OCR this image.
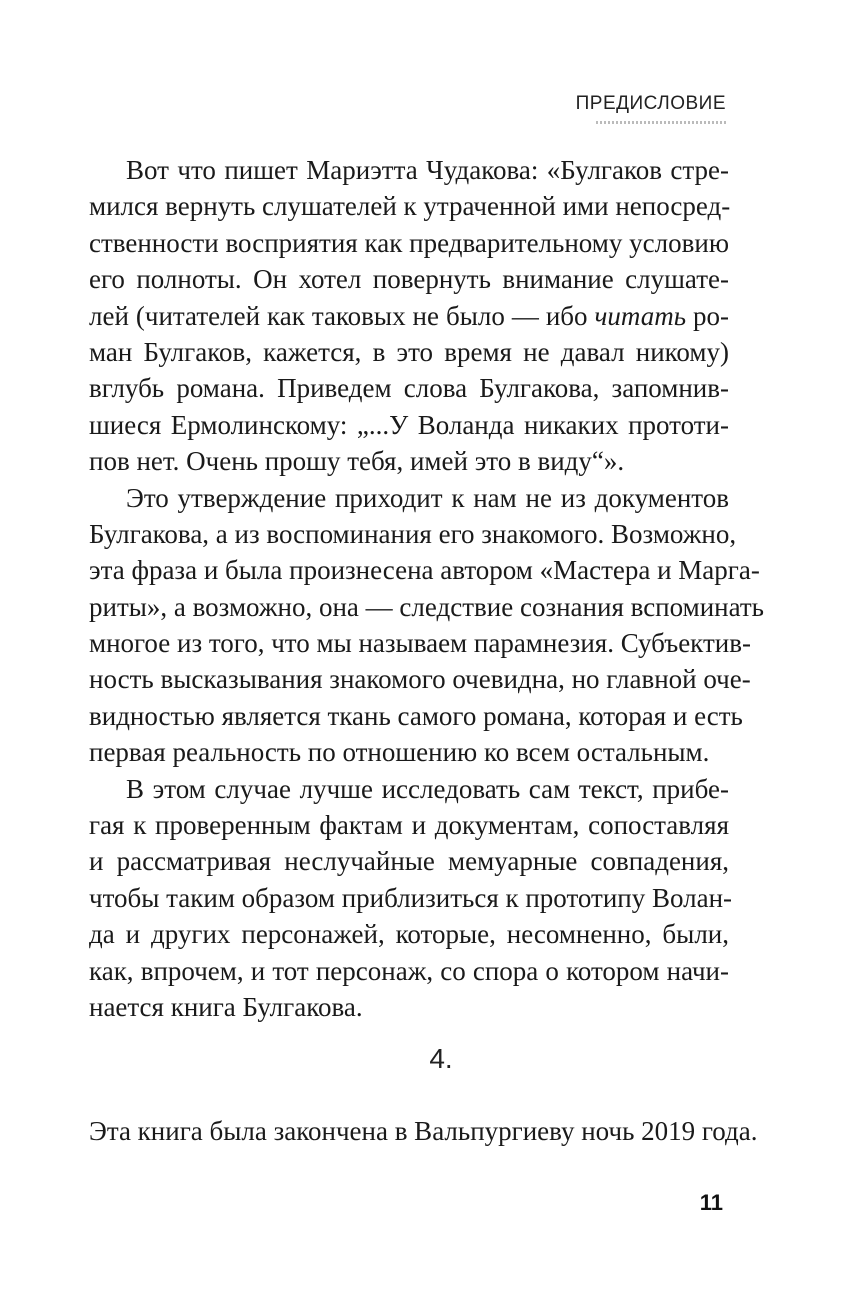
ПРЕДИСЛОВИЕ
Вот что пишет Мариэтта Чудакова: «Булгаков стре-
мился вернуть слушателей к утраченной ими непосред-
ственности восприятия как предварительному условию
его полноты. Он хотел повернуть внимание слушате-
лей (читателей как таковых не было — ибо читать ро-
ман Булгаков, кажется, в это время не давал никому)
вглубь романа. Приведем слова Булгакова, запомнив-
шиеся Ермолинскому: „...У Воланда никаких прототи-
пов нет. Очень прошу тебя, имей это в виду“».
Это утверждение приходит к нам не из документов
Булгакова, а из воспоминания его знакомого. Возможно,
эта фраза и была произнесена автором «Мастера и Марга-
риты», а возможно, она — следствие сознания вспоминать
многое из того, что мы называем парамнезия. Субъектив-
ность высказывания знакомого очевидна, но главной оче-
видностью является ткань самого романа, которая и есть
первая реальность по отношению ко всем остальным.
В этом случае лучше исследовать сам текст, прибе-
гая к проверенным фактам и документам, сопоставляя
и рассматривая неслучайные мемуарные совпадения,
чтобы таким образом приблизиться к прототипу Волан-
да и других персонажей, которые, несомненно, были,
как, впрочем, и тот персонаж, со спора о котором начи-
нается книга Булгакова.
4.
Эта книга была закончена в Вальпургиеву ночь 2019 года.
11
